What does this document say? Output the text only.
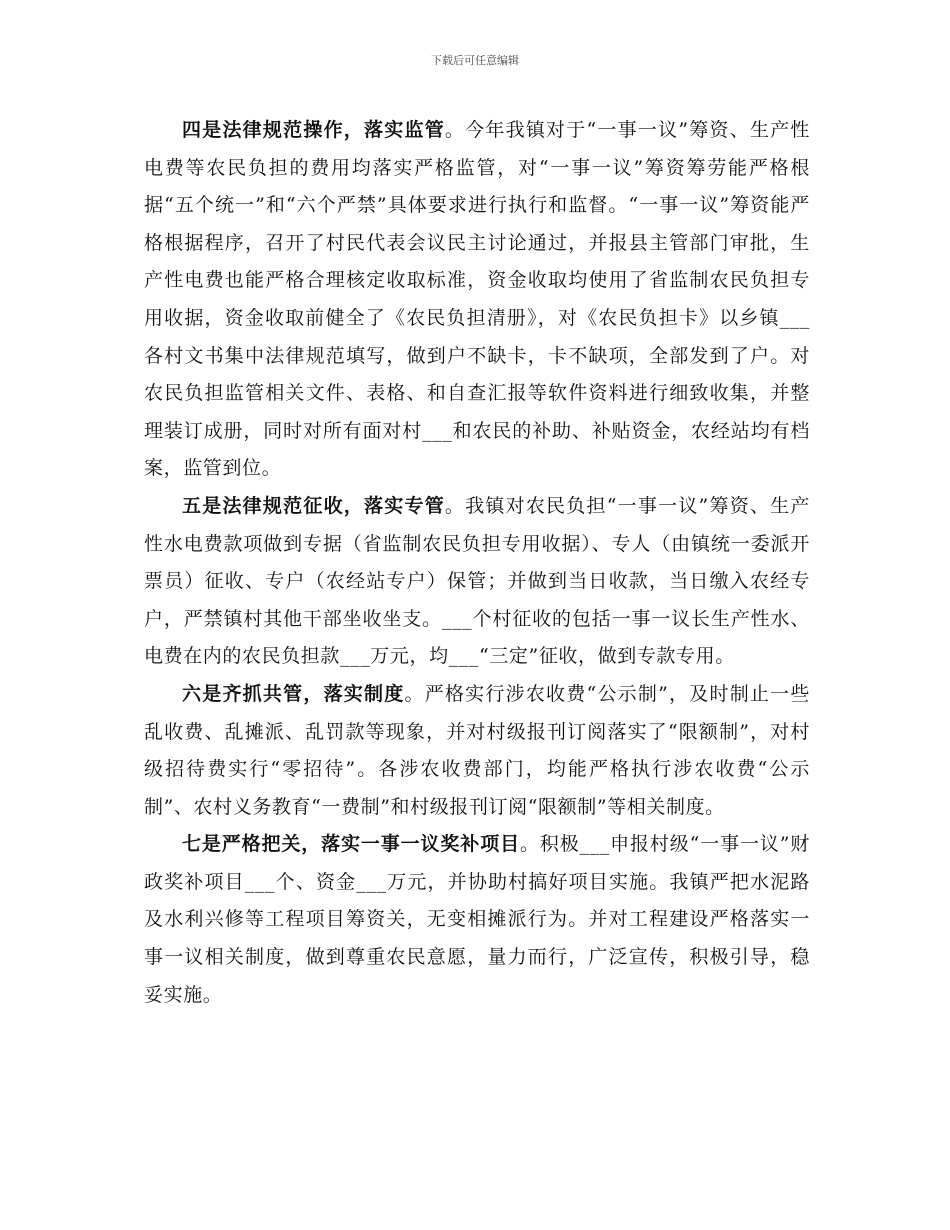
下载后可任意编辑

四是法律规范操作，落实监管。今年我镇对于“一事一议”筹资、生产性电费等农民负担的费用均落实严格监管，对“一事一议”筹资筹劳能严格根据“五个统一”和“六个严禁”具体要求进行执行和监督。“一事一议”筹资能严格根据程序，召开了村民代表会议民主讨论通过，并报县主管部门审批，生产性电费也能严格合理核定收取标准，资金收取均使用了省监制农民负担专用收据，资金收取前健全了《农民负担清册》，对《农民负担卡》以乡镇___各村文书集中法律规范填写，做到户不缺卡，卡不缺项，全部发到了户。对农民负担监管相关文件、表格、和自查汇报等软件资料进行细致收集，并整理装订成册，同时对所有面对村___和农民的补助、补贴资金，农经站均有档案，监管到位。

五是法律规范征收，落实专管。我镇对农民负担“一事一议”筹资、生产性水电费款项做到专据（省监制农民负担专用收据）、专人（由镇统一委派开票员）征收、专户（农经站专户）保管；并做到当日收款，当日缴入农经专户，严禁镇村其他干部坐收坐支。___个村征收的包括一事一议长生产性水、电费在内的农民负担款___万元，均___“三定”征收，做到专款专用。

六是齐抓共管，落实制度。严格实行涉农收费“公示制”，及时制止一些乱收费、乱摊派、乱罚款等现象，并对村级报刊订阅落实了“限额制”，对村级招待费实行“零招待”。各涉农收费部门，均能严格执行涉农收费“公示制”、农村义务教育“一费制”和村级报刊订阅“限额制”等相关制度。

七是严格把关，落实一事一议奖补项目。积极___申报村级“一事一议”财政奖补项目___个、资金___万元，并协助村搞好项目实施。我镇严把水泥路及水利兴修等工程项目筹资关，无变相摊派行为。并对工程建设严格落实一事一议相关制度，做到尊重农民意愿，量力而行，广泛宣传，积极引导，稳妥实施。
